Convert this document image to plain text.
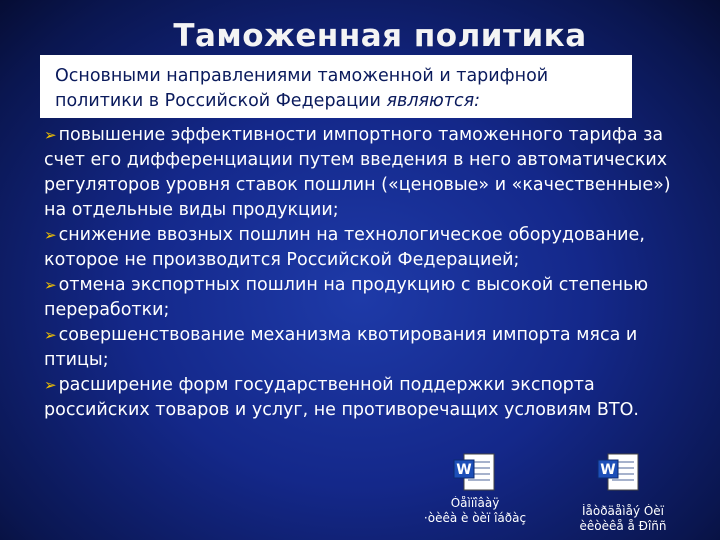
Таможенная политика
Основными направлениями таможенной и тарифной политики в Российской Федерации являются:
➢ повышение эффективности импортного таможенного тарифа за счет его дифференциации путем введения в него автоматических регуляторов уровня ставок пошлин («ценовые» и «качественные») на отдельные виды продукции;
➢ снижение ввозных пошлин на технологическое оборудование, которое не производится Российской Федерацией;
➢ отмена экспортных пошлин на продукцию с высокой степенью переработки;
➢ совершенствование механизма квотирования импорта мяса и птицы;
➢ расширение форм государственной поддержки экспорта российских товаров и услуг, не противоречащих условиям ВТО.
W
Òåìïîâàÿ
·òèêà è òèï îáðàç
W
Ìåòðäåìåý Òèï
èêòèêå å Ðîññ
